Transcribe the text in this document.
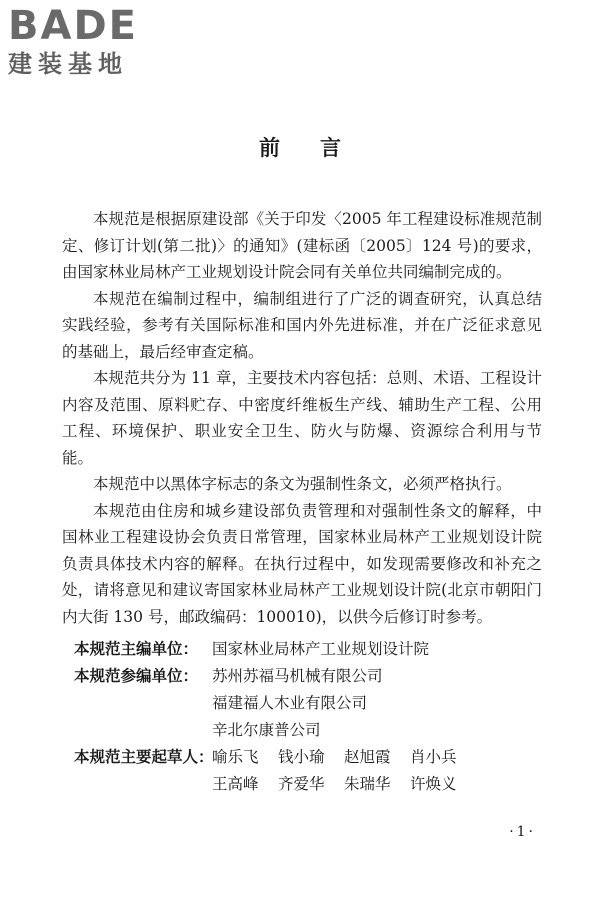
BADE
建装基地
前言

本规范是根据原建设部《关于印发〈2005 年工程建设标准规范制定、修订计划(第二批)〉的通知》(建标函〔2005〕124 号)的要求，由国家林业局林产工业规划设计院会同有关单位共同编制完成的。

本规范在编制过程中，编制组进行了广泛的调查研究，认真总结实践经验，参考有关国际标准和国内外先进标准，并在广泛征求意见的基础上，最后经审查定稿。

本规范共分为 11 章，主要技术内容包括：总则、术语、工程设计内容及范围、原料贮存、中密度纤维板生产线、辅助生产工程、公用工程、环境保护、职业安全卫生、防火与防爆、资源综合利用与节能。

本规范中以黑体字标志的条文为强制性条文，必须严格执行。

本规范由住房和城乡建设部负责管理和对强制性条文的解释，中国林业工程建设协会负责日常管理，国家林业局林产工业规划设计院负责具体技术内容的解释。在执行过程中，如发现需要修改和补充之处，请将意见和建议寄国家林业局林产工业规划设计院(北京市朝阳门内大街 130 号，邮政编码：100010)，以供今后修订时参考。

本规范主编单位： 国家林业局林产工业规划设计院
本规范参编单位： 苏州苏福马机械有限公司
福建福人木业有限公司
辛北尔康普公司
本规范主要起草人：
喻乐飞	钱小瑜	赵旭霞	肖小兵
王高峰	齐爱华	朱瑞华	许焕义
·1·
